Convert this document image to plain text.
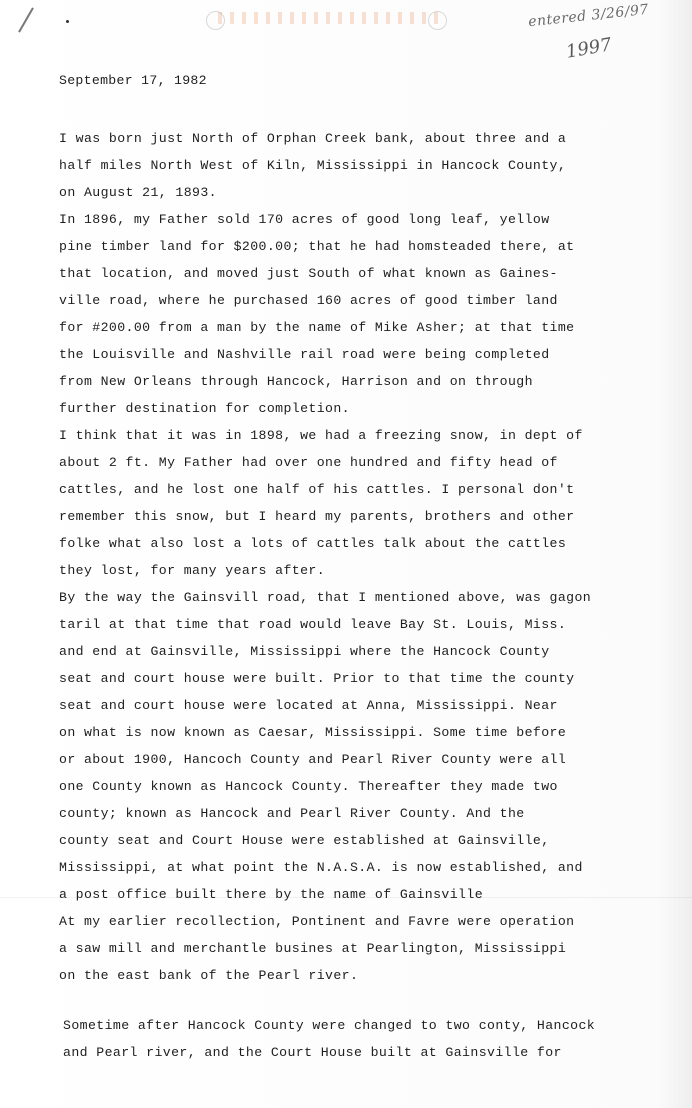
entered 3/26/97
1997
September 17, 1982
I was born just North of Orphan Creek bank, about three and a
half miles North West of Kiln, Mississippi in Hancock County,
on August 21, 1893.
In 1896, my Father sold 170 acres of good long leaf, yellow
pine timber land for $200.00; that he had homsteaded there, at
that location, and moved just South of what known as Gaines-
ville road, where he purchased 160 acres of good timber land
for #200.00 from a man by the name of Mike Asher; at that time
the Louisville and Nashville rail road were being completed
from New Orleans through Hancock, Harrison and on through
further destination for completion.
I think that it was in 1898, we had a freezing snow, in dept of
about 2 ft. My Father had over one hundred and fifty head of
cattles, and he lost one half of his cattles. I personal don't
remember this snow, but I heard my parents, brothers and other
folke what also lost a lots of cattles talk about the cattles
they lost, for many years after.
By the way the Gainsvill road, that I mentioned above, was gagon
taril at that time that road would leave Bay St. Louis, Miss.
and end at Gainsville, Mississippi where the Hancock County
seat and court house were built. Prior to that time the county
seat and court house were located at Anna, Mississippi. Near
on what is now known as Caesar, Mississippi. Some time before
or about 1900, Hancoch County and Pearl River County were all
one County known as Hancock County. Thereafter they made two
county; known as Hancock and Pearl River County. And the
county seat and Court House were established at Gainsville,
Mississippi, at what point the N.A.S.A. is now established, and
a post office built there by the name of Gainsville
At my earlier recollection, Pontinent and Favre were operation
a saw mill and merchantle busines at Pearlington, Mississippi
on the east bank of the Pearl river.
Sometime after Hancock County were changed to two conty, Hancock
and Pearl river, and the Court House built at Gainsville for
